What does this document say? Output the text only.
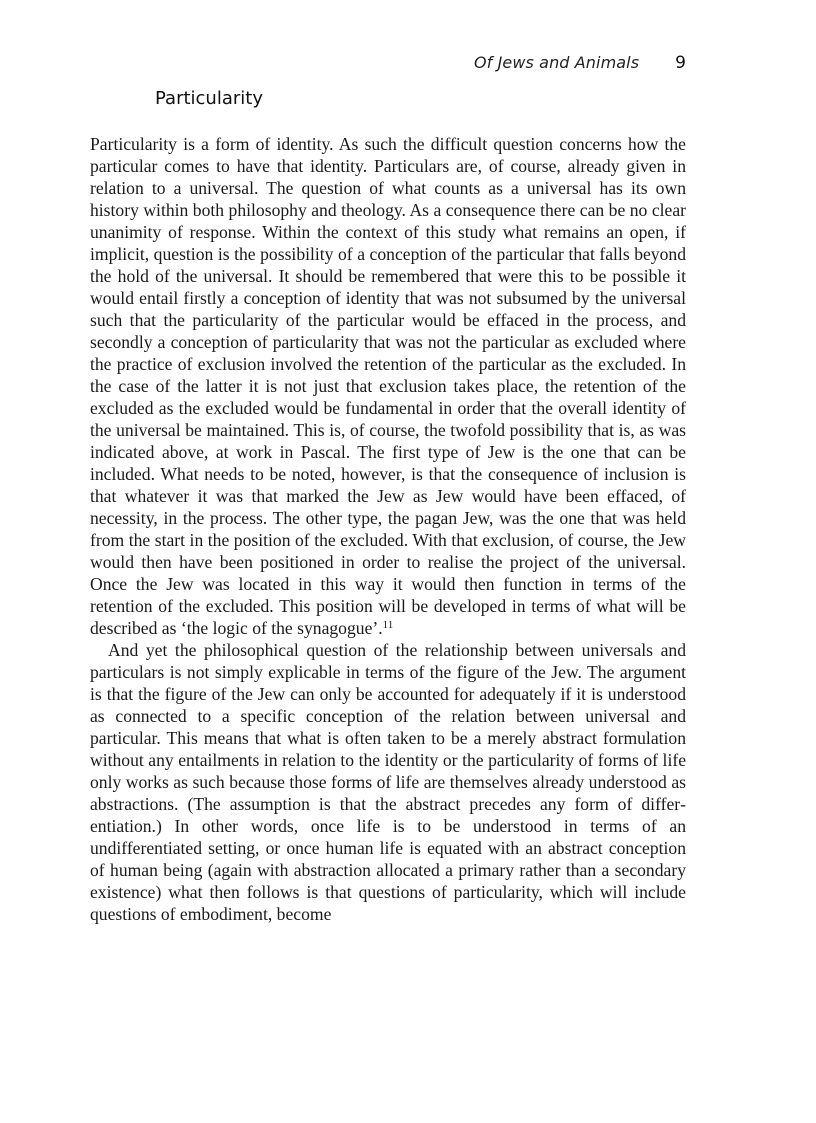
Of Jews and Animals 9
Particularity

Particularity is a form of identity. As such the difficult question concerns how the particular comes to have that identity. Particulars are, of course, already given in relation to a universal. The question of what counts as a universal has its own history within both philosophy and theology. As a consequence there can be no clear unanimity of response. Within the context of this study what remains an open, if implicit, question is the possibility of a conception of the particular that falls beyond the hold of the universal. It should be remembered that were this to be possible it would entail firstly a conception of identity that was not subsumed by the universal such that the particularity of the particular would be effaced in the process, and secondly a conception of particularity that was not the particular as excluded where the practice of exclusion involved the retention of the particular as the excluded. In the case of the latter it is not just that exclusion takes place, the retention of the excluded as the excluded would be fundamental in order that the overall identity of the universal be maintained. This is, of course, the twofold possibility that is, as was indicated above, at work in Pascal. The first type of Jew is the one that can be included. What needs to be noted, however, is that the consequence of inclusion is that whatever it was that marked the Jew as Jew would have been effaced, of necessity, in the process. The other type, the pagan Jew, was the one that was held from the start in the position of the excluded. With that exclusion, of course, the Jew would then have been positioned in order to realise the project of the universal. Once the Jew was located in this way it would then function in terms of the retention of the excluded. This position will be developed in terms of what will be described as ‘the logic of the synagogue’.$^{11}$

And yet the philosophical question of the relationship between universals and particulars is not simply explicable in terms of the figure of the Jew. The argument is that the figure of the Jew can only be accounted for adequately if it is understood as connected to a specific conception of the relation between universal and particular. This means that what is often taken to be a merely abstract formulation without any entailments in relation to the identity or the particularity of forms of life only works as such because those forms of life are themselves already understood as abstractions. (The assumption is that the abstract precedes any form of differentiation.) In other words, once life is to be understood in terms of an undifferentiated setting, or once human life is equated with an abstract conception of human being (again with abstraction allocated a primary rather than a secondary existence) what then follows is that questions of particularity, which will include questions of embodiment, become
